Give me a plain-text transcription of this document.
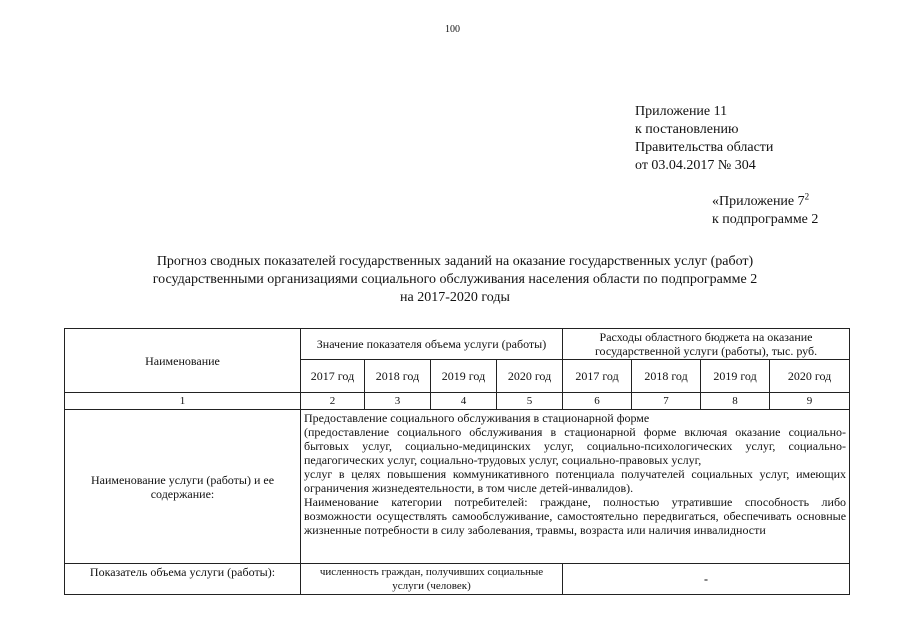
100
Приложение 11
к постановлению
Правительства области
от 03.04.2017 № 304
«Приложение $7^2$
к подпрограмме 2
Прогноз сводных показателей государственных заданий на оказание государственных услуг (работ)
государственными организациями социального обслуживания населения области по подпрограмме 2
на 2017-2020 годы
Наименование	Значение показателя объема услуги (работы)				Расходы областного бюджета на оказание государственной услуги (работы), тыс. руб.			
	2017 год	2018 год	2019 год	2020 год	2017 год	2018 год	2019 год	2020 год
1	2	3	4	5	6	7	8	9
Наименование услуги (работы) и ее содержание:	Предоставление социального обслуживания в стационарной форме

(предоставление социального обслуживания в стационарной форме включая оказание социально-бытовых услуг, социально-медицинских услуг, социально-психологических услуг, социально-педагогических услуг, социально-трудовых услуг, социально-правовых услуг,

услуг в целях повышения коммуникативного потенциала получателей социальных услуг, имеющих ограничения жизнедеятельности, в том числе детей-инвалидов).

Наименование категории потребителей: граждане, полностью утратившие способность либо возможности осуществлять самообслуживание, самостоятельно передвигаться, обеспечивать основные жизненные потребности в силу заболевания, травмы, возраста или наличия инвалидности							

Показатель объема услуги (работы):	численность граждан, получивших социальные услуги (человек)				-			
